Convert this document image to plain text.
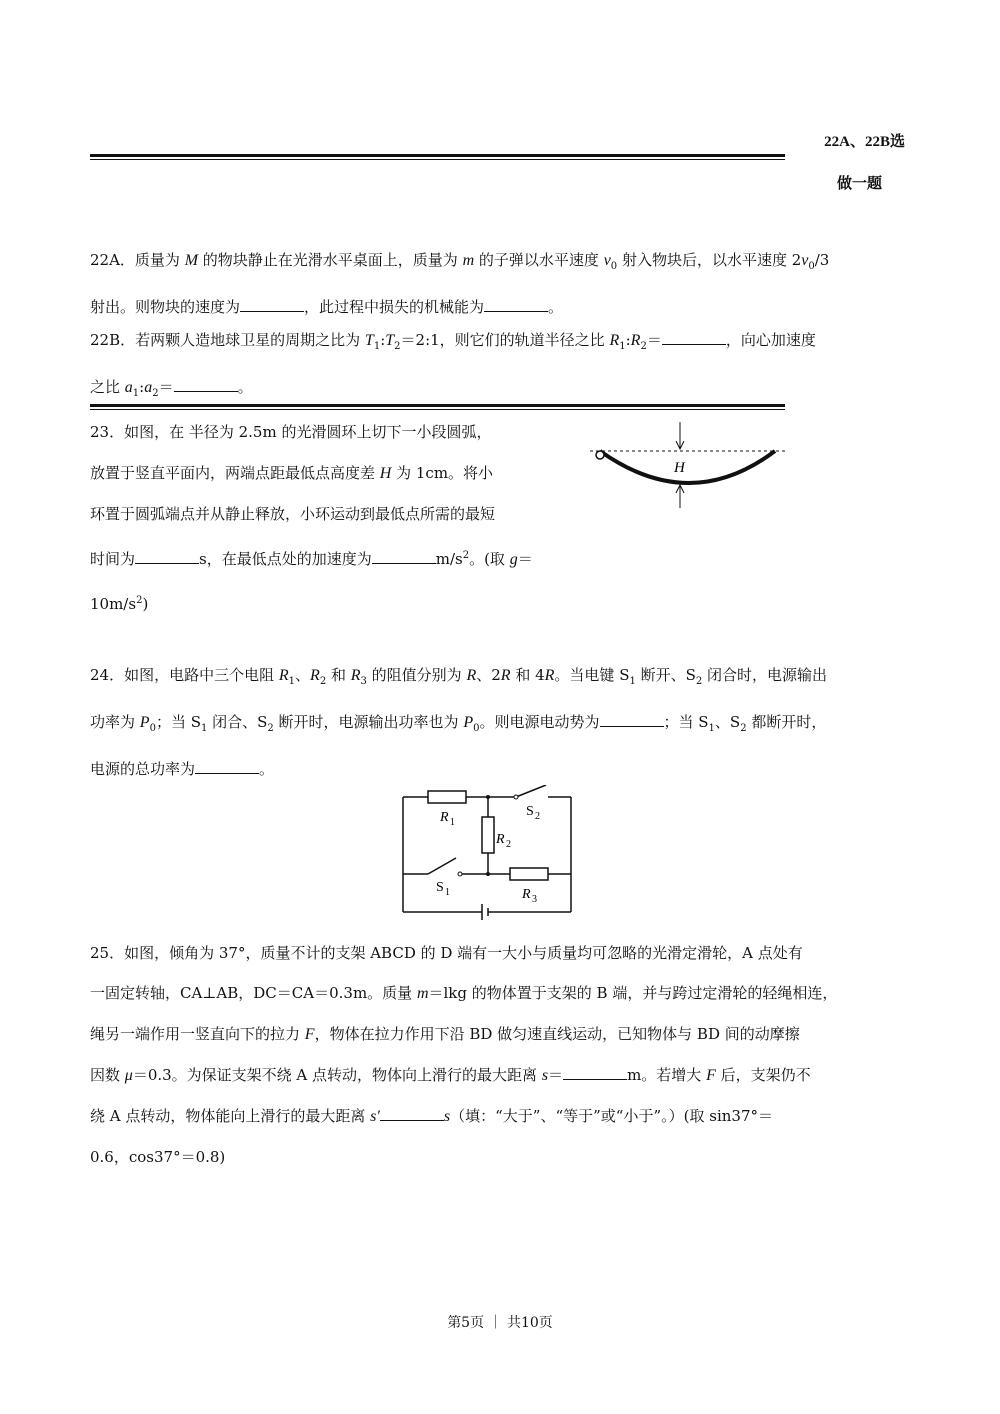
22A、22B选
做一题
22A．质量为 M 的物块静止在光滑水平桌面上，质量为 m 的子弹以水平速度 $v_0$ 射入物块后，以水平速度 $2v_0/3$
射出。则物块的速度为	，此过程中损失的机械能为	。
22B．若两颗人造地球卫星的周期之比为 $T_1:T_2=2:1$，则它们的轨道半径之比 $R_1:R_2=$	，向心加速度
之比 $a_1:a_2=$	。
23．如图，在 半径为 2.5m 的光滑圆环上切下一小段圆弧，
放置于竖直平面内，两端点距最低点高度差 H 为 1cm。将小
环置于圆弧端点并从静止释放，小环运动到最低点所需的最短
时间为	s，在最低点处的加速度为	$m/s^2$。(取 $g=10m/s^2$)
H
24．如图，电路中三个电阻 $R_1$、$R_2$ 和 $R_3$ 的阻值分别为 R、2R 和 4R。当电键 $S_1$ 断开、$S_2$ 闭合时，电源输出
功率为 $P_0$；当 $S_1$ 闭合、$S_2$ 断开时，电源输出功率也为 $P_0$。则电源电动势为	；当 $S_1$、$S_2$ 都断开时，
电源的总功率为	。
R 1
R 2
R 3
S 1
S 2
25．如图，倾角为 37°，质量不计的支架 ABCD 的 D 端有一大小与质量均可忽略的光滑定滑轮，A 点处有
一固定转轴，CA⊥AB，DC＝CA＝0.3m。质量 m＝lkg 的物体置于支架的 B 端，并与跨过定滑轮的轻绳相连，
绳另一端作用一竖直向下的拉力 F，物体在拉力作用下沿 BD 做匀速直线运动，已知物体与 BD 间的动摩擦
因数 μ＝0.3。为保证支架不绕 A 点转动，物体向上滑行的最大距离 s＝	m。若增大 F 后，支架仍不
绕 A 点转动，物体能向上滑行的最大距离 s′	s（填：“大于”、“等于”或“小于”。）(取 sin37°＝
0.6，cos37°＝0.8)
第5页 ｜ 共10页
